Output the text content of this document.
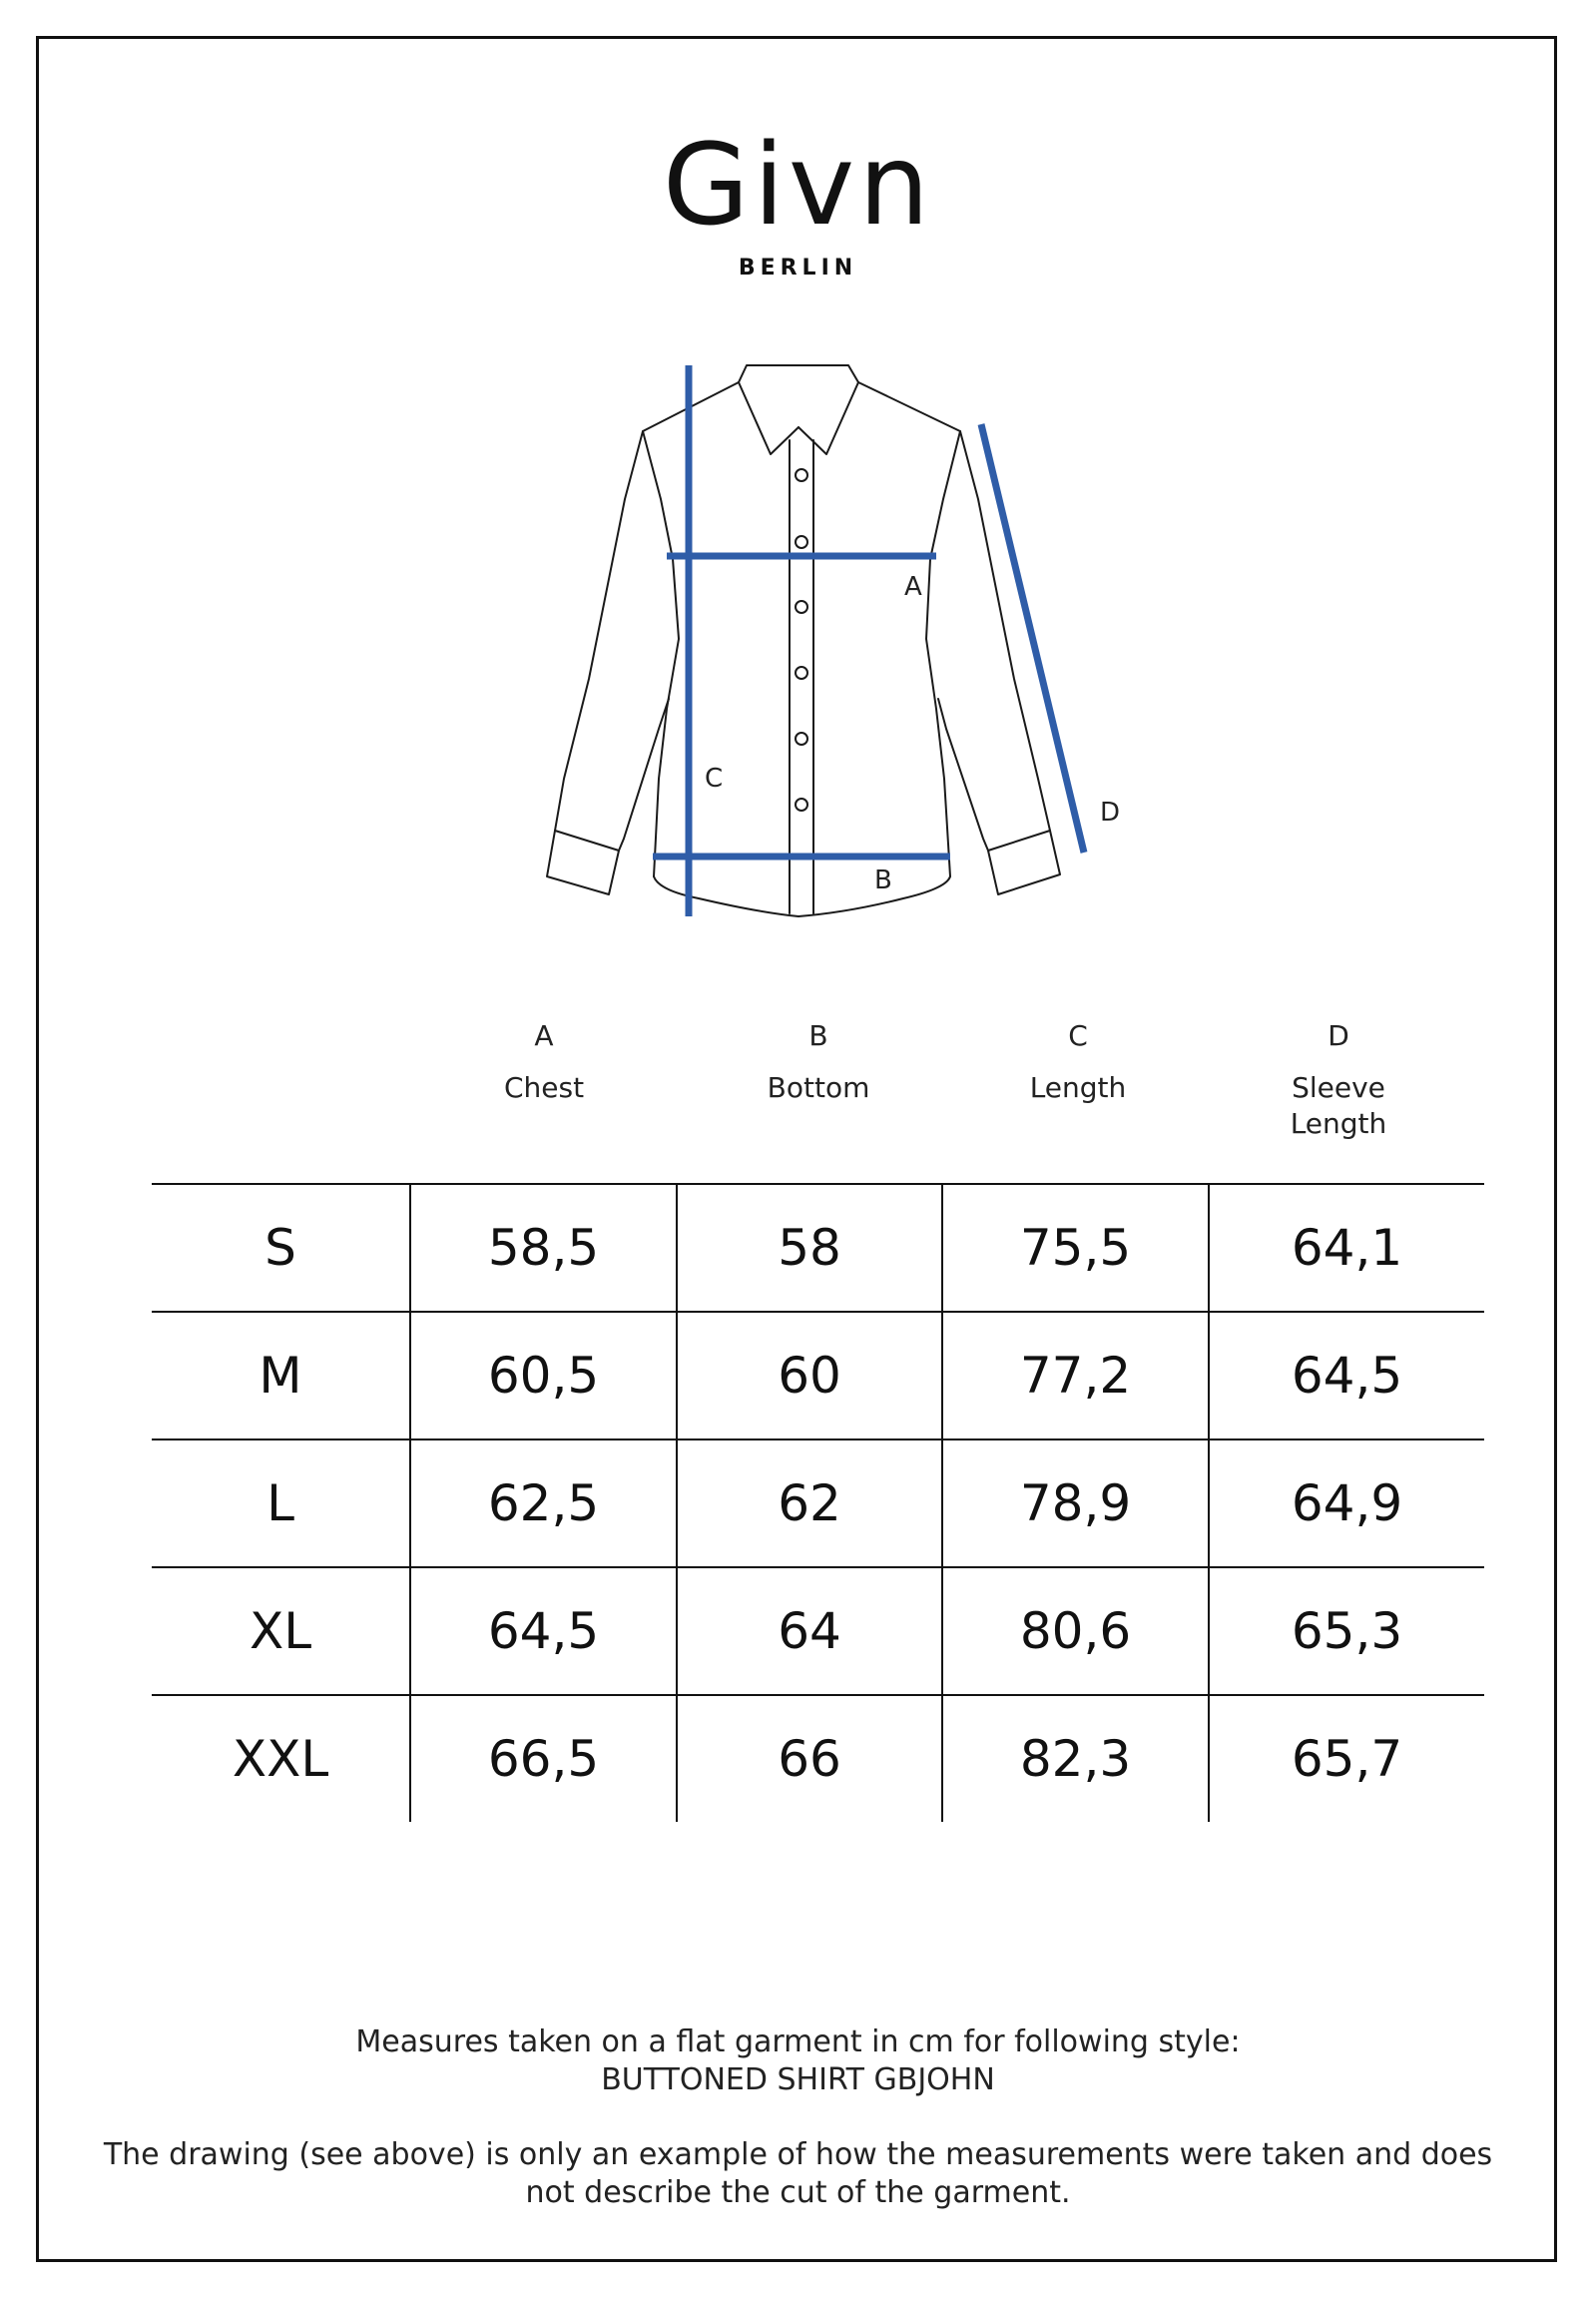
Givn
BERLIN
A
B
C
D
A
Chest
B
Bottom
C
Length
D
Sleeve Length
S	58,5	58	75,5	64,1
M	60,5	60	77,2	64,5
L	62,5	62	78,9	64,9
XL	64,5	64	80,6	65,3
XXL	66,5	66	82,3	65,7
Measures taken on a flat garment in cm for following style:
BUTTONED SHIRT GBJOHN
The drawing (see above) is only an example of how the measurements were taken and does
not describe the cut of the garment.
